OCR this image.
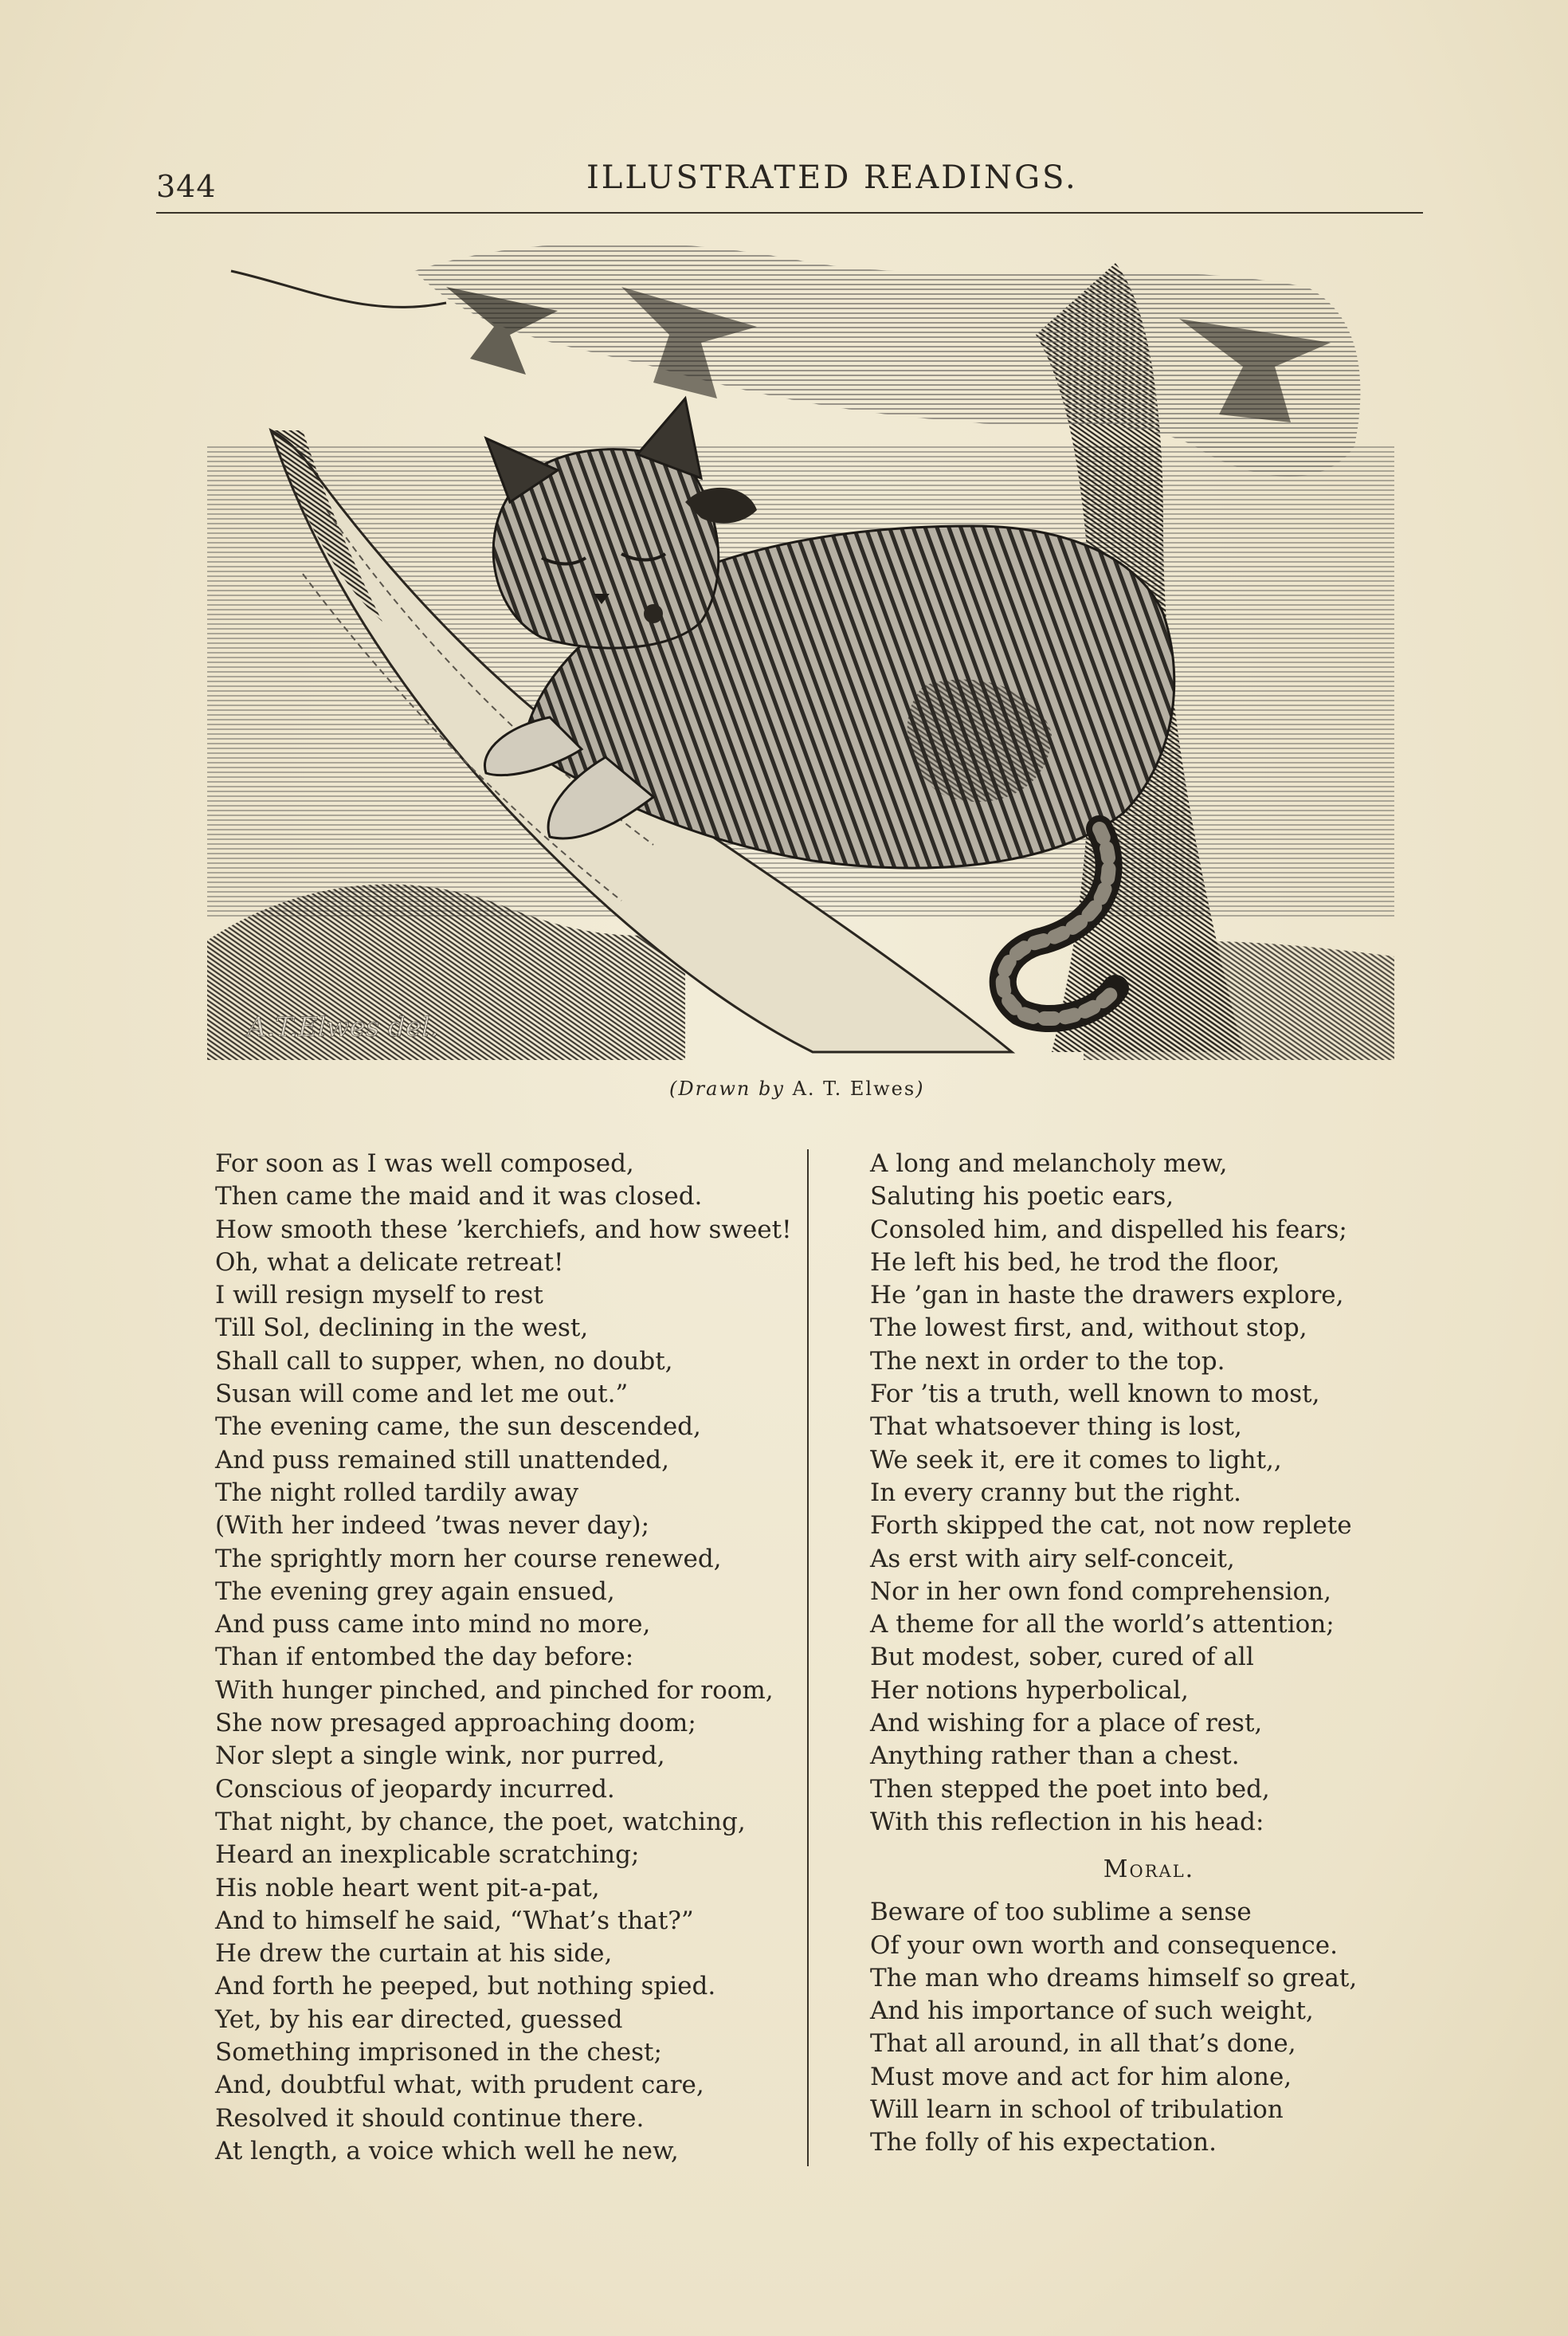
344	ILLUSTRATED READINGS.
A.T.Elwes del.
(Drawn by A. T. Elwes)
For soon as I was well composed,
Then came the maid and it was closed.
How smooth these ’kerchiefs, and how sweet!
Oh, what a delicate retreat!
I will resign myself to rest
Till Sol, declining in the west,
Shall call to supper, when, no doubt,
Susan will come and let me out.”
The evening came, the sun descended,
And puss remained still unattended,
The night rolled tardily away
(With her indeed ’twas never day);
The sprightly morn her course renewed,
The evening grey again ensued,
And puss came into mind no more,
Than if entombed the day before:
With hunger pinched, and pinched for room,
She now presaged approaching doom;
Nor slept a single wink, nor purred,
Conscious of jeopardy incurred.
That night, by chance, the poet, watching,
Heard an inexplicable scratching;
His noble heart went pit-a-pat,
And to himself he said, “What’s that?”
He drew the curtain at his side,
And forth he peeped, but nothing spied.
Yet, by his ear directed, guessed
Something imprisoned in the chest;
And, doubtful what, with prudent care,
Resolved it should continue there.
At length, a voice which well he new,
A long and melancholy mew,
Saluting his poetic ears,
Consoled him, and dispelled his fears;
He left his bed, he trod the floor,
He ’gan in haste the drawers explore,
The lowest first, and, without stop,
The next in order to the top.
For ’tis a truth, well known to most,
That whatsoever thing is lost,
We seek it, ere it comes to light,,
In every cranny but the right.
Forth skipped the cat, not now replete
As erst with airy self-conceit,
Nor in her own fond comprehension,
A theme for all the world’s attention;
But modest, sober, cured of all
Her notions hyperbolical,
And wishing for a place of rest,
Anything rather than a chest.
Then stepped the poet into bed,
With this reflection in his head:
Moral.
Beware of too sublime a sense
Of your own worth and consequence.
The man who dreams himself so great,
And his importance of such weight,
That all around, in all that’s done,
Must move and act for him alone,
Will learn in school of tribulation
The folly of his expectation.
